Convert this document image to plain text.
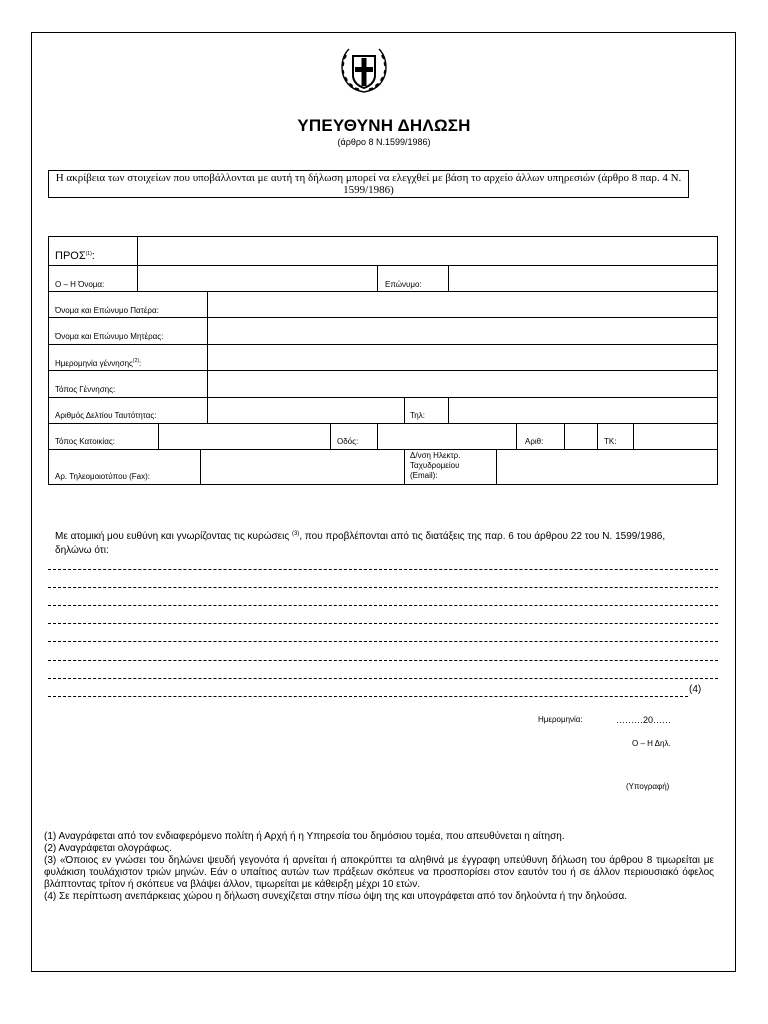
ΥΠΕΥΘΥΝΗ ΔΗΛΩΣΗ
(άρθρο 8 Ν.1599/1986)
Η ακρίβεια των στοιχείων που υποβάλλονται με αυτή τη δήλωση μπορεί να ελεγχθεί με βάση το αρχείο άλλων υπηρεσιών (άρθρο 8 παρ. 4 Ν. 1599/1986)
ΠΡΟΣ$^{(1)}$:
Ο – Η Όνομα:	Επώνυμο:
Όνομα και Επώνυμο Πατέρα:
Όνομα και Επώνυμο Μητέρας:
Ημερομηνία γέννησης$^{(2)}$:
Τόπος Γέννησης:
Αριθμός Δελτίου Ταυτότητας:	Τηλ:
Τόπος Κατοικίας:	Οδός:	Αριθ:	ΤΚ:
Αρ. Τηλεομοιοτύπου (Fax):
Δ/νση Ηλεκτρ.
Ταχυδρομείου
(Email):
Με ατομική μου ευθύνη και γνωρίζοντας τις κυρώσεις $^{(3)}$, που προβλέπονται από τις διατάξεις της παρ. 6 του άρθρου 22 του Ν. 1599/1986, δηλώνω ότι:
(4)
Ημερομηνία:	………20……
Ο – Η Δηλ.
(Υπογραφή)

(1) Αναγράφεται από τον ενδιαφερόμενο πολίτη ή Αρχή ή η Υπηρεσία του δημόσιου τομέα, που απευθύνεται η αίτηση.

(2) Αναγράφεται ολογράφως.

(3) «Όποιος εν γνώσει του δηλώνει ψευδή γεγονότα ή αρνείται ή αποκρύπτει τα αληθινά με έγγραφη υπεύθυνη δήλωση του άρθρου 8 τιμωρείται με φυλάκιση τουλάχιστον τριών μηνών. Εάν ο υπαίτιος αυτών των πράξεων σκόπευε να προσπορίσει στον εαυτόν του ή σε άλλον περιουσιακό όφελος βλάπτοντας τρίτον ή σκόπευε να βλάψει άλλον, τιμωρείται με κάθειρξη μέχρι 10 ετών.

(4) Σε περίπτωση ανεπάρκειας χώρου η δήλωση συνεχίζεται στην πίσω όψη της και υπογράφεται από τον δηλούντα ή την δηλούσα.
